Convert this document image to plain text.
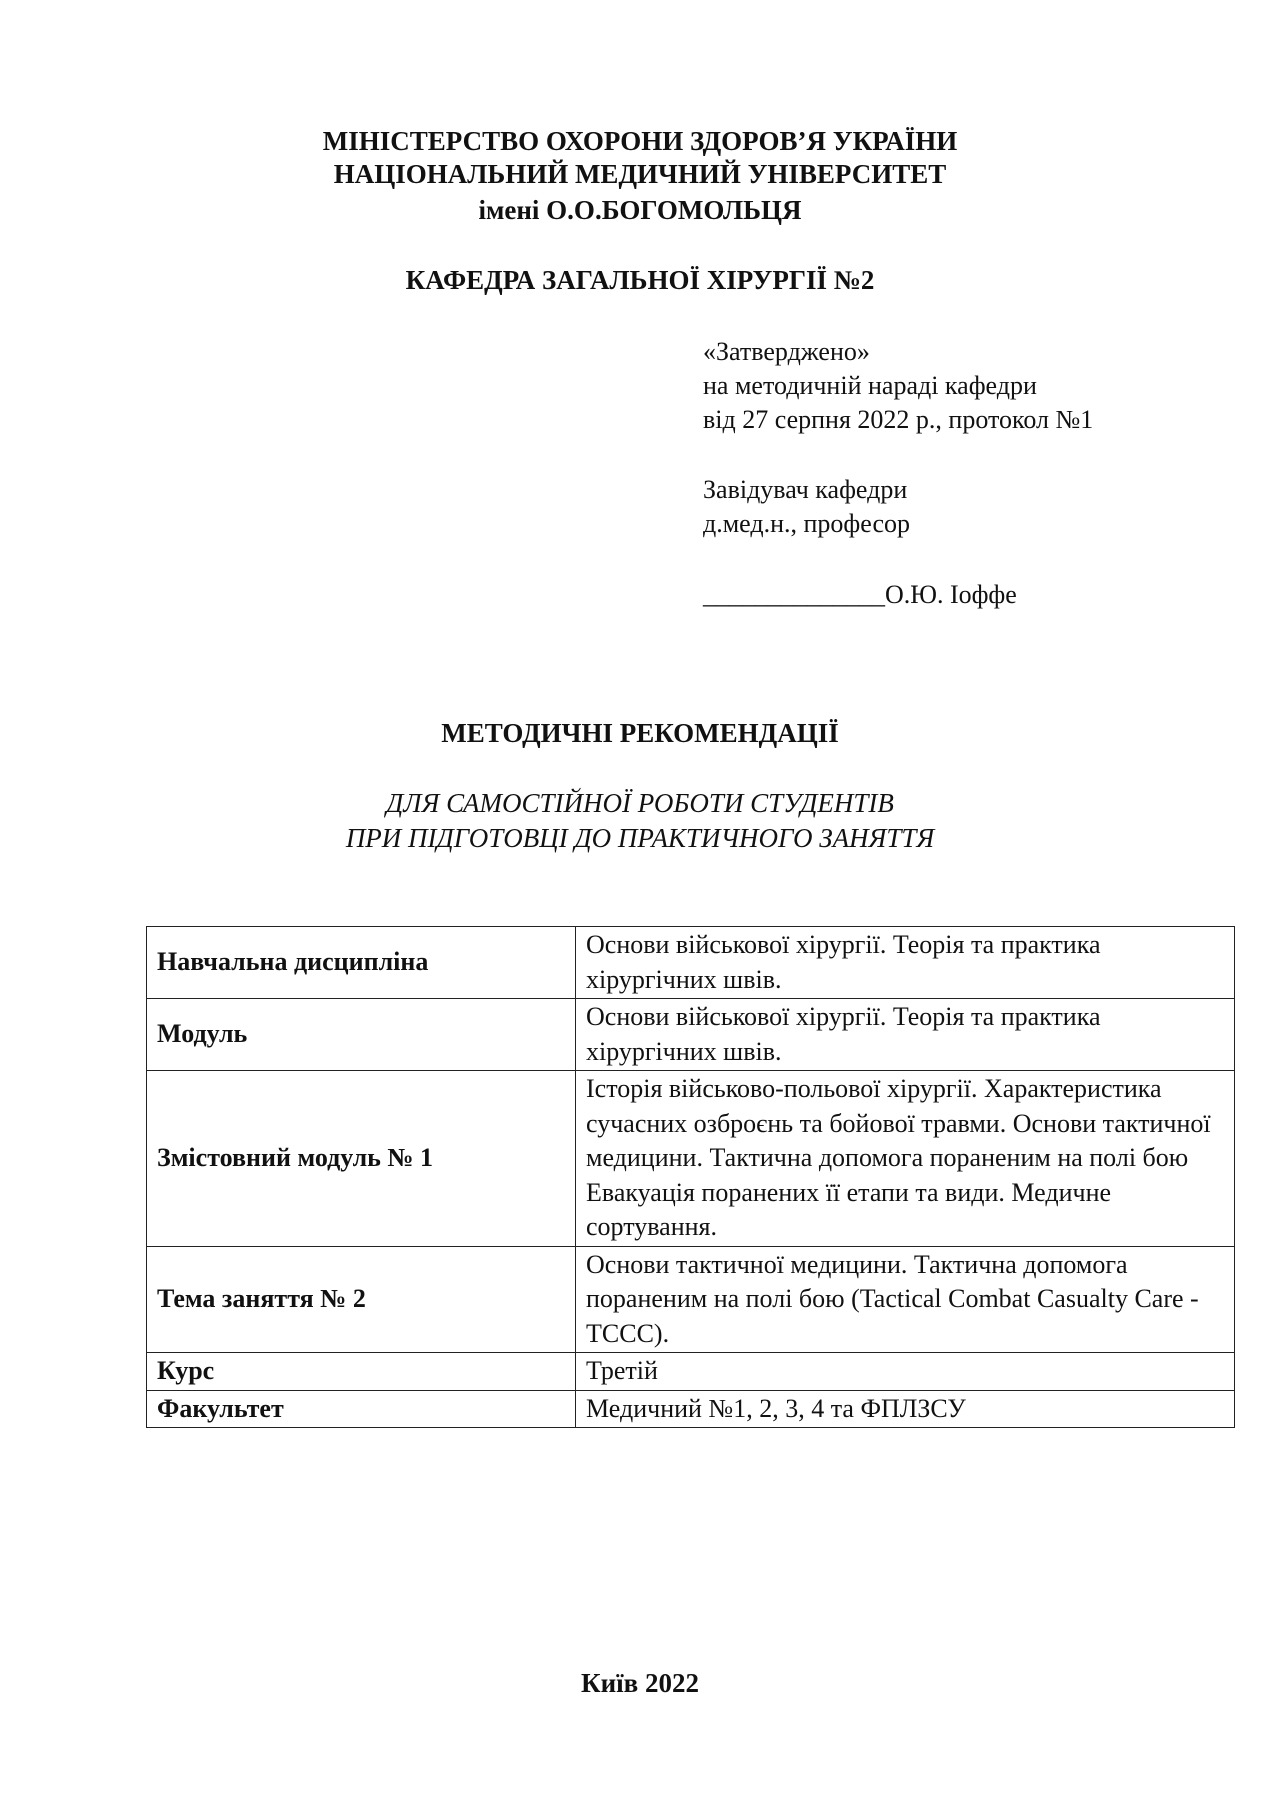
МІНІСТЕРСТВО ОХОРОНИ ЗДОРОВ’Я УКРАЇНИ
НАЦІОНАЛЬНИЙ МЕДИЧНИЙ УНІВЕРСИТЕТ
імені О.О.БОГОМОЛЬЦЯ
КАФЕДРА ЗАГАЛЬНОЇ ХІРУРГІЇ №2
«Затверджено»
на методичній нараді кафедри
від 27 серпня 2022 р., протокол №1
Завідувач кафедри
д.мед.н., професор
______________О.Ю. Іоффе
МЕТОДИЧНІ РЕКОМЕНДАЦІЇ
ДЛЯ САМОСТІЙНОЇ РОБОТИ СТУДЕНТІВ
ПРИ ПІДГОТОВЦІ ДО ПРАКТИЧНОГО ЗАНЯТТЯ
Навчальна дисципліна	Основи військової хірургії. Теорія та практика хірургічних швів.
Модуль	Основи військової хірургії. Теорія та практика хірургічних швів.
Змістовний модуль № 1	Історія військово-польової хірургії. Характеристика сучасних озброєнь та бойової травми. Основи тактичної медицини. Тактична допомога пораненим на полі бою Евакуація поранених її етапи та види. Медичне сортування.
Тема заняття № 2	Основи тактичної медицини. Тактична допомога пораненим на полі бою (Tactical Combat Casualty Care - TCCC).
Курс	Третій
Факультет	Медичний №1, 2, 3, 4 та ФПЛЗСУ
Київ 2022
